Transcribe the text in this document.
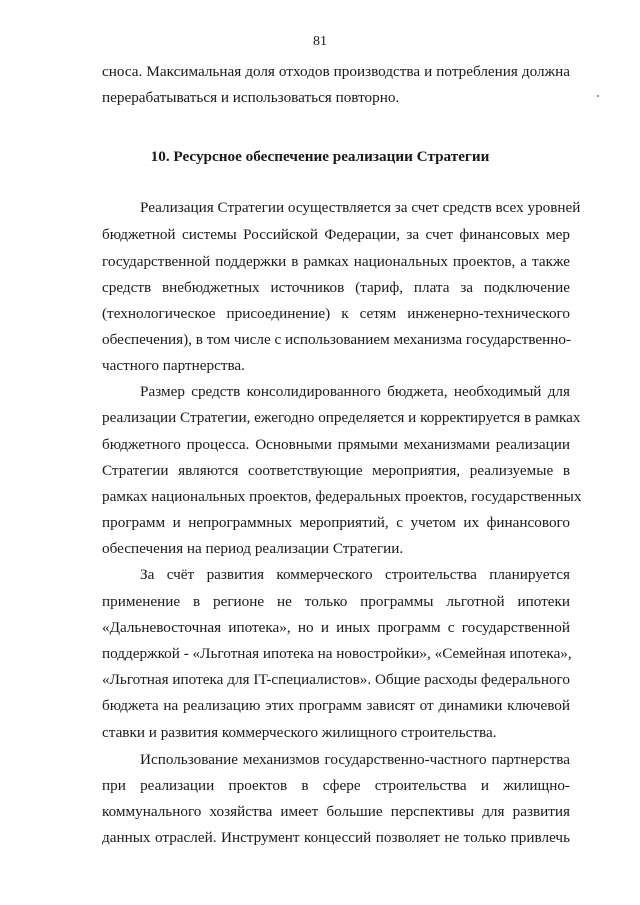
81
сноса. Максимальная доля отходов производства и потребления должна
перерабатываться и использоваться повторно.
10. Ресурсное обеспечение реализации Стратегии
Реализация Стратегии осуществляется за счет средств всех уровней
бюджетной системы Российской Федерации, за счет финансовых мер
государственной поддержки в рамках национальных проектов, а также
средств внебюджетных источников (тариф, плата за подключение
(технологическое присоединение) к сетям инженерно-технического
обеспечения), в том числе с использованием механизма государственно-
частного партнерства.
Размер средств консолидированного бюджета, необходимый для
реализации Стратегии, ежегодно определяется и корректируется в рамках
бюджетного процесса. Основными прямыми механизмами реализации
Стратегии являются соответствующие мероприятия, реализуемые в
рамках национальных проектов, федеральных проектов, государственных
программ и непрограммных мероприятий, с учетом их финансового
обеспечения на период реализации Стратегии.
За счёт развития коммерческого строительства планируется
применение в регионе не только программы льготной ипотеки
«Дальневосточная ипотека», но и иных программ с государственной
поддержкой - «Льготная ипотека на новостройки», «Семейная ипотека»,
«Льготная ипотека для IT-специалистов». Общие расходы федерального
бюджета на реализацию этих программ зависят от динамики ключевой
ставки и развития коммерческого жилищного строительства.
Использование механизмов государственно-частного партнерства
при реализации проектов в сфере строительства и жилищно-
коммунального хозяйства имеет большие перспективы для развития
данных отраслей. Инструмент концессий позволяет не только привлечь
